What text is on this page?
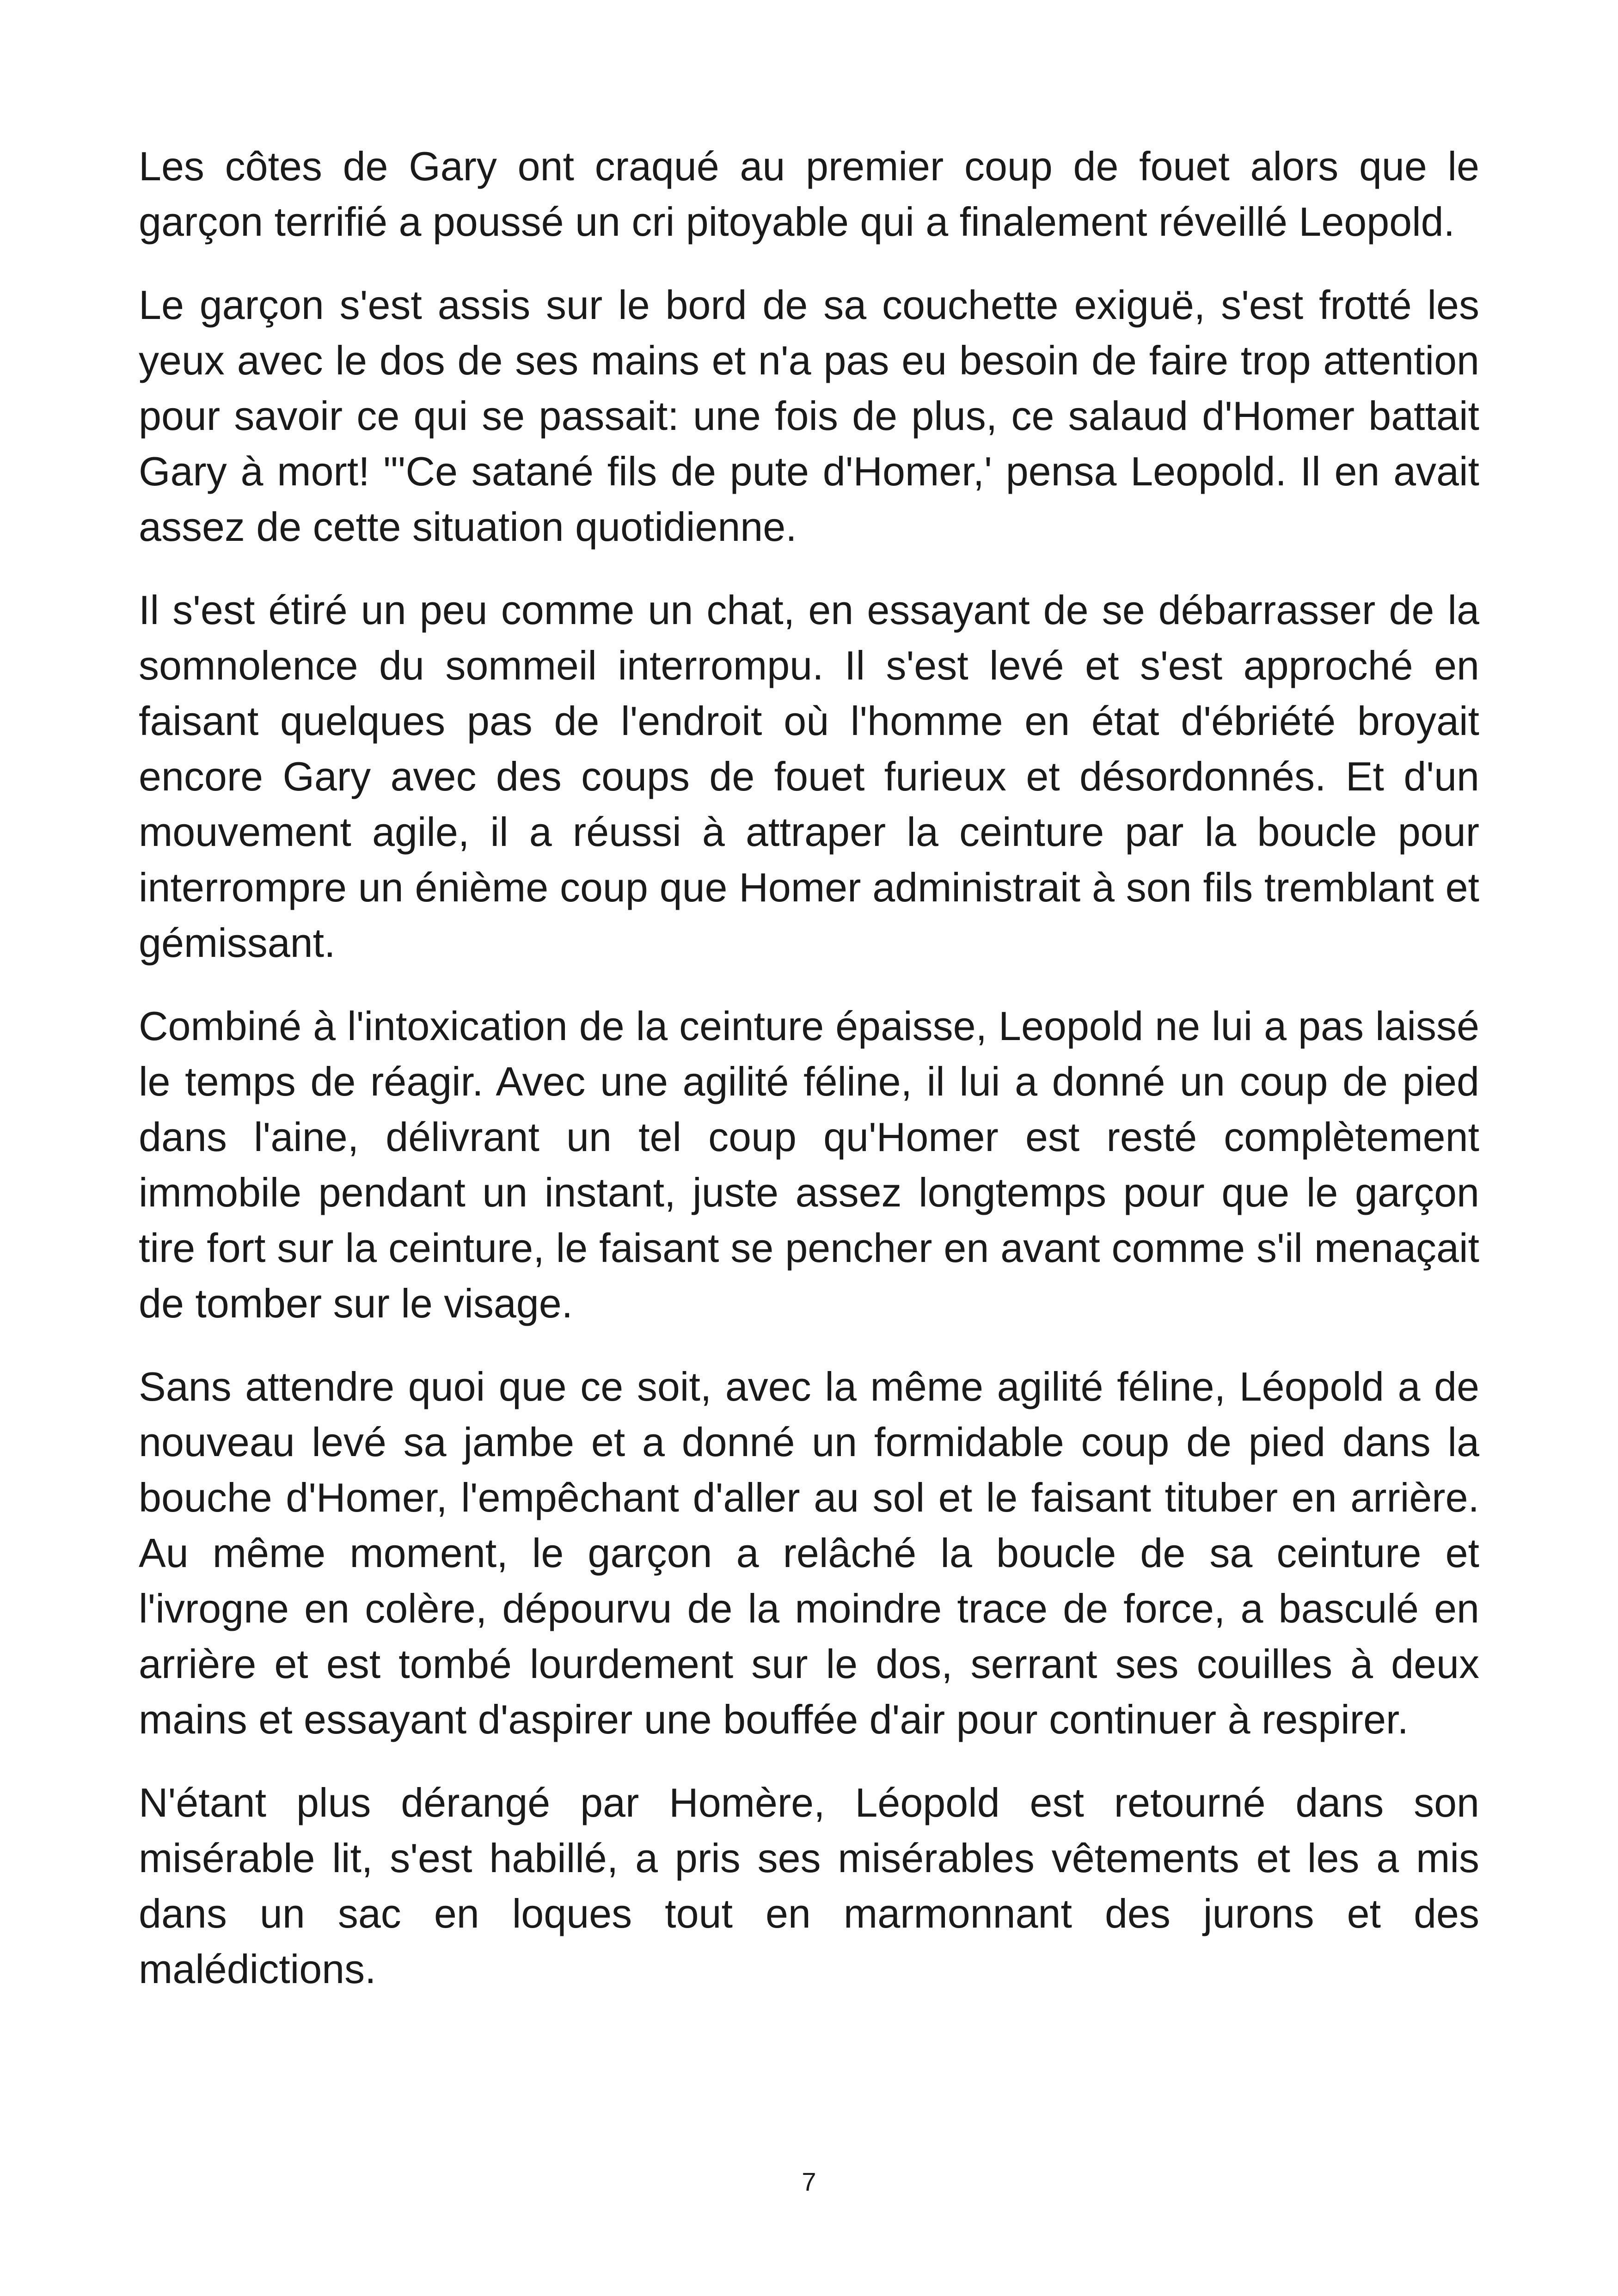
Les côtes de Gary ont craqué au premier coup de fouet alors que le garçon terrifié a poussé un cri pitoyable qui a finalement réveillé Leopold.

Le garçon s'est assis sur le bord de sa couchette exiguë, s'est frotté les yeux avec le dos de ses mains et n'a pas eu besoin de faire trop attention pour savoir ce qui se passait: une fois de plus, ce salaud d'Homer battait Gary à mort! "'Ce satané fils de pute d'Homer,' pensa Leopold. Il en avait assez de cette situation quotidienne.

Il s'est étiré un peu comme un chat, en essayant de se débarrasser de la somnolence du sommeil interrompu. Il s'est levé et s'est approché en faisant quelques pas de l'endroit où l'homme en état d'ébriété broyait encore Gary avec des coups de fouet furieux et désordonnés. Et d'un mouvement agile, il a réussi à attraper la ceinture par la boucle pour interrompre un énième coup que Homer administrait à son fils tremblant et gémissant.

Combiné à l'intoxication de la ceinture épaisse, Leopold ne lui a pas laissé le temps de réagir. Avec une agilité féline, il lui a donné un coup de pied dans l'aine, délivrant un tel coup qu'Homer est resté complètement immobile pendant un instant, juste assez longtemps pour que le garçon tire fort sur la ceinture, le faisant se pencher en avant comme s'il menaçait de tomber sur le visage.

Sans attendre quoi que ce soit, avec la même agilité féline, Léopold a de nouveau levé sa jambe et a donné un formidable coup de pied dans la bouche d'Homer, l'empêchant d'aller au sol et le faisant tituber en arrière. Au même moment, le garçon a relâché la boucle de sa ceinture et l'ivrogne en colère, dépourvu de la moindre trace de force, a basculé en arrière et est tombé lourdement sur le dos, serrant ses couilles à deux mains et essayant d'aspirer une bouffée d'air pour continuer à respirer.

N'étant plus dérangé par Homère, Léopold est retourné dans son misérable lit, s'est habillé, a pris ses misérables vêtements et les a mis dans un sac en loques tout en marmonnant des jurons et des malédictions.

7
